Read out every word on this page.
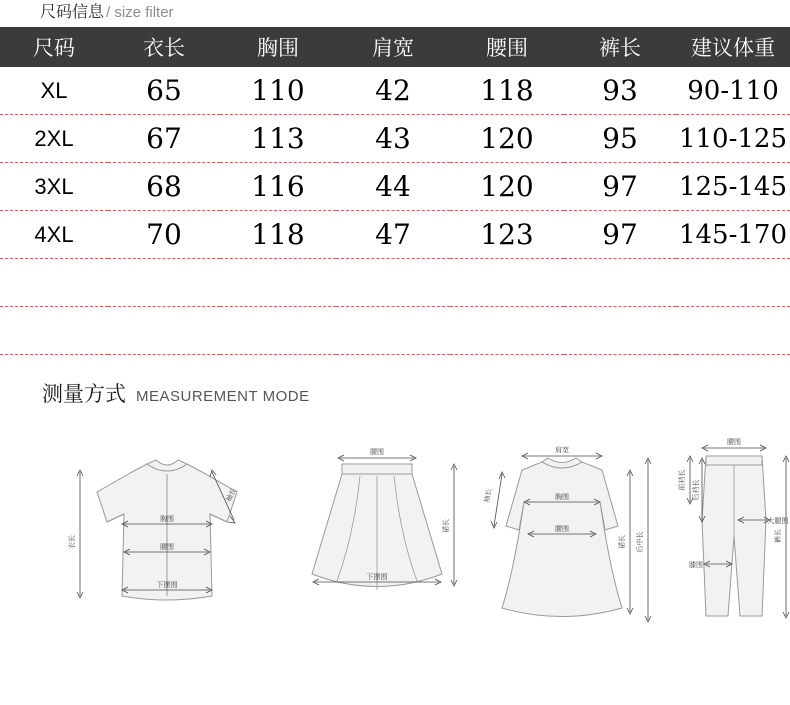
尺码信息 / size filter
尺码	衣长	胸围	肩宽	腰围	裤长	建议体重
XL	65	110	42	118	93	90-110
2XL	67	113	43	120	95	110-125
3XL	68	116	44	120	97	125-145
4XL	70	118	47	123	97	145-170

测量方式 MEASUREMENT MODE
衣长
胸围
腰围
袖长
下摆围
腰围
裙长
下摆围
肩宽
袖长	胸围
腰围
裙长 后中长
腰围
前裆长 后裆长
大腿围
膝围
裤长
